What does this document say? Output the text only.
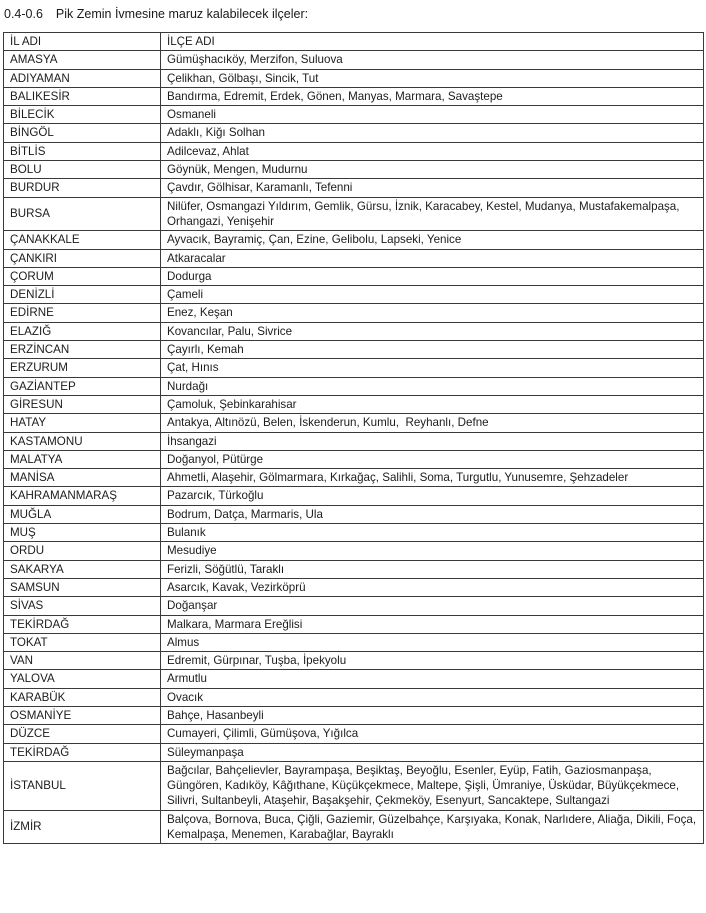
0.4-0.6 Pik Zemin İvmesine maruz kalabilecek ilçeler:
İL ADI	İLÇE ADI
AMASYA	Gümüşhacıköy, Merzifon, Suluova
ADIYAMAN	Çelikhan, Gölbaşı, Sincik, Tut
BALIKESİR	Bandırma, Edremit, Erdek, Gönen, Manyas, Marmara, Savaştepe
BİLECİK	Osmaneli
BİNGÖL	Adaklı, Kiğı Solhan
BİTLİS	Adilcevaz, Ahlat
BOLU	Göynük, Mengen, Mudurnu
BURDUR	Çavdır, Gölhisar, Karamanlı, Tefenni
BURSA	Nilüfer, Osmangazi Yıldırım, Gemlik, Gürsu, İznik, Karacabey, Kestel, Mudanya, Mustafakemalpaşa, Orhangazi, Yenişehir
ÇANAKKALE	Ayvacık, Bayramiç, Çan, Ezine, Gelibolu, Lapseki, Yenice
ÇANKIRI	Atkaracalar
ÇORUM	Dodurga
DENİZLİ	Çameli
EDİRNE	Enez, Keşan
ELAZIĞ	Kovancılar, Palu, Sivrice
ERZİNCAN	Çayırlı, Kemah
ERZURUM	Çat, Hınıs
GAZİANTEP	Nurdağı
GİRESUN	Çamoluk, Şebinkarahisar
HATAY	Antakya, Altınözü, Belen, İskenderun, Kumlu,  Reyhanlı, Defne
KASTAMONU	İhsangazi
MALATYA	Doğanyol, Pütürge
MANİSA	Ahmetli, Alaşehir, Gölmarmara, Kırkağaç, Salihli, Soma, Turgutlu, Yunusemre, Şehzadeler
KAHRAMANMARAŞ	Pazarcık, Türkoğlu
MUĞLA	Bodrum, Datça, Marmaris, Ula
MUŞ	Bulanık
ORDU	Mesudiye
SAKARYA	Ferizli, Söğütlü, Taraklı
SAMSUN	Asarcık, Kavak, Vezirköprü
SİVAS	Doğanşar
TEKİRDAĞ	Malkara, Marmara Ereğlisi
TOKAT	Almus
VAN	Edremit, Gürpınar, Tuşba, İpekyolu
YALOVA	Armutlu
KARABÜK	Ovacık
OSMANİYE	Bahçe, Hasanbeyli
DÜZCE	Cumayeri, Çilimli, Gümüşova, Yığılca
TEKİRDAĞ	Süleymanpaşa
İSTANBUL	Bağcılar, Bahçelievler, Bayrampaşa, Beşiktaş, Beyoğlu, Esenler, Eyüp, Fatih, Gaziosmanpaşa, Güngören, Kadıköy, Kâğıthane, Küçükçekmece, Maltepe, Şişli, Ümraniye, Üsküdar, Büyükçekmece, Silivri, Sultanbeyli, Ataşehir, Başakşehir, Çekmeköy, Esenyurt, Sancaktepe, Sultangazi
İZMİR	Balçova, Bornova, Buca, Çiğli, Gaziemir, Güzelbahçe, Karşıyaka, Konak, Narlıdere, Aliağa, Dikili, Foça, Kemalpaşa, Menemen, Karabağlar, Bayraklı
